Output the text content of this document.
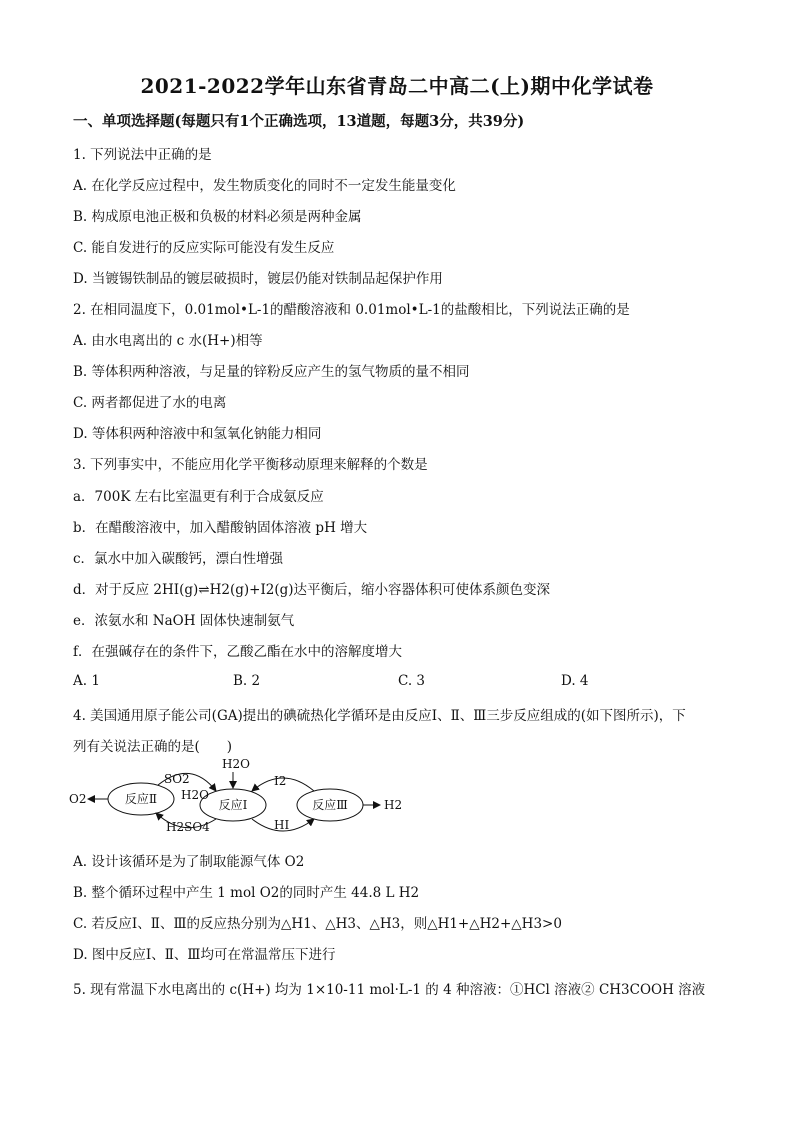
2021-2022学年山东省青岛二中高二(上)期中化学试卷
一、单项选择题(每题只有1个正确选项，13道题，每题3分，共39分)
1. 下列说法中正确的是
A. 在化学反应过程中，发生物质变化的同时不一定发生能量变化
B. 构成原电池正极和负极的材料必须是两种金属
C. 能自发进行的反应实际可能没有发生反应
D. 当镀锡铁制品的镀层破损时，镀层仍能对铁制品起保护作用
2. 在相同温度下，0.01mol•L-1的醋酸溶液和 0.01mol•L-1的盐酸相比，下列说法正确的是
A. 由水电离出的 c 水(H+)相等
B. 等体积两种溶液，与足量的锌粉反应产生的氢气物质的量不相同
C. 两者都促进了水的电离
D. 等体积两种溶液中和氢氧化钠能力相同
3. 下列事实中，不能应用化学平衡移动原理来解释的个数是
a．700K 左右比室温更有利于合成氨反应
b．在醋酸溶液中，加入醋酸钠固体溶液 pH 增大
c．氯水中加入碳酸钙，漂白性增强
d．对于反应 2HI(g)⇌H2(g)+I2(g)达平衡后，缩小容器体积可使体系颜色变深
e．浓氨水和 NaOH 固体快速制氨气
f．在强碱存在的条件下，乙酸乙酯在水中的溶解度增大
A. 1	B. 2	C. 3	D. 4
4. 美国通用原子能公司(GA)提出的碘硫热化学循环是由反应Ⅰ、Ⅱ、Ⅲ三步反应组成的(如下图所示)，下
列有关说法正确的是(　　)
反应Ⅱ	反应Ⅰ	反应Ⅲ
O2
H2O
SO2
H2O
H2SO4
I2
HI
H2
A. 设计该循环是为了制取能源气体 O2
B. 整个循环过程中产生 1 mol O2的同时产生 44.8 L H2
C. 若反应Ⅰ、Ⅱ、Ⅲ的反应热分别为△H1、△H3、△H3，则△H1+△H2+△H3>0
D. 图中反应Ⅰ、Ⅱ、Ⅲ均可在常温常压下进行
5. 现有常温下水电离出的 c(H+) 均为 1×10-11 mol·L-1 的 4 种溶液：①HCl 溶液② CH3COOH 溶液
